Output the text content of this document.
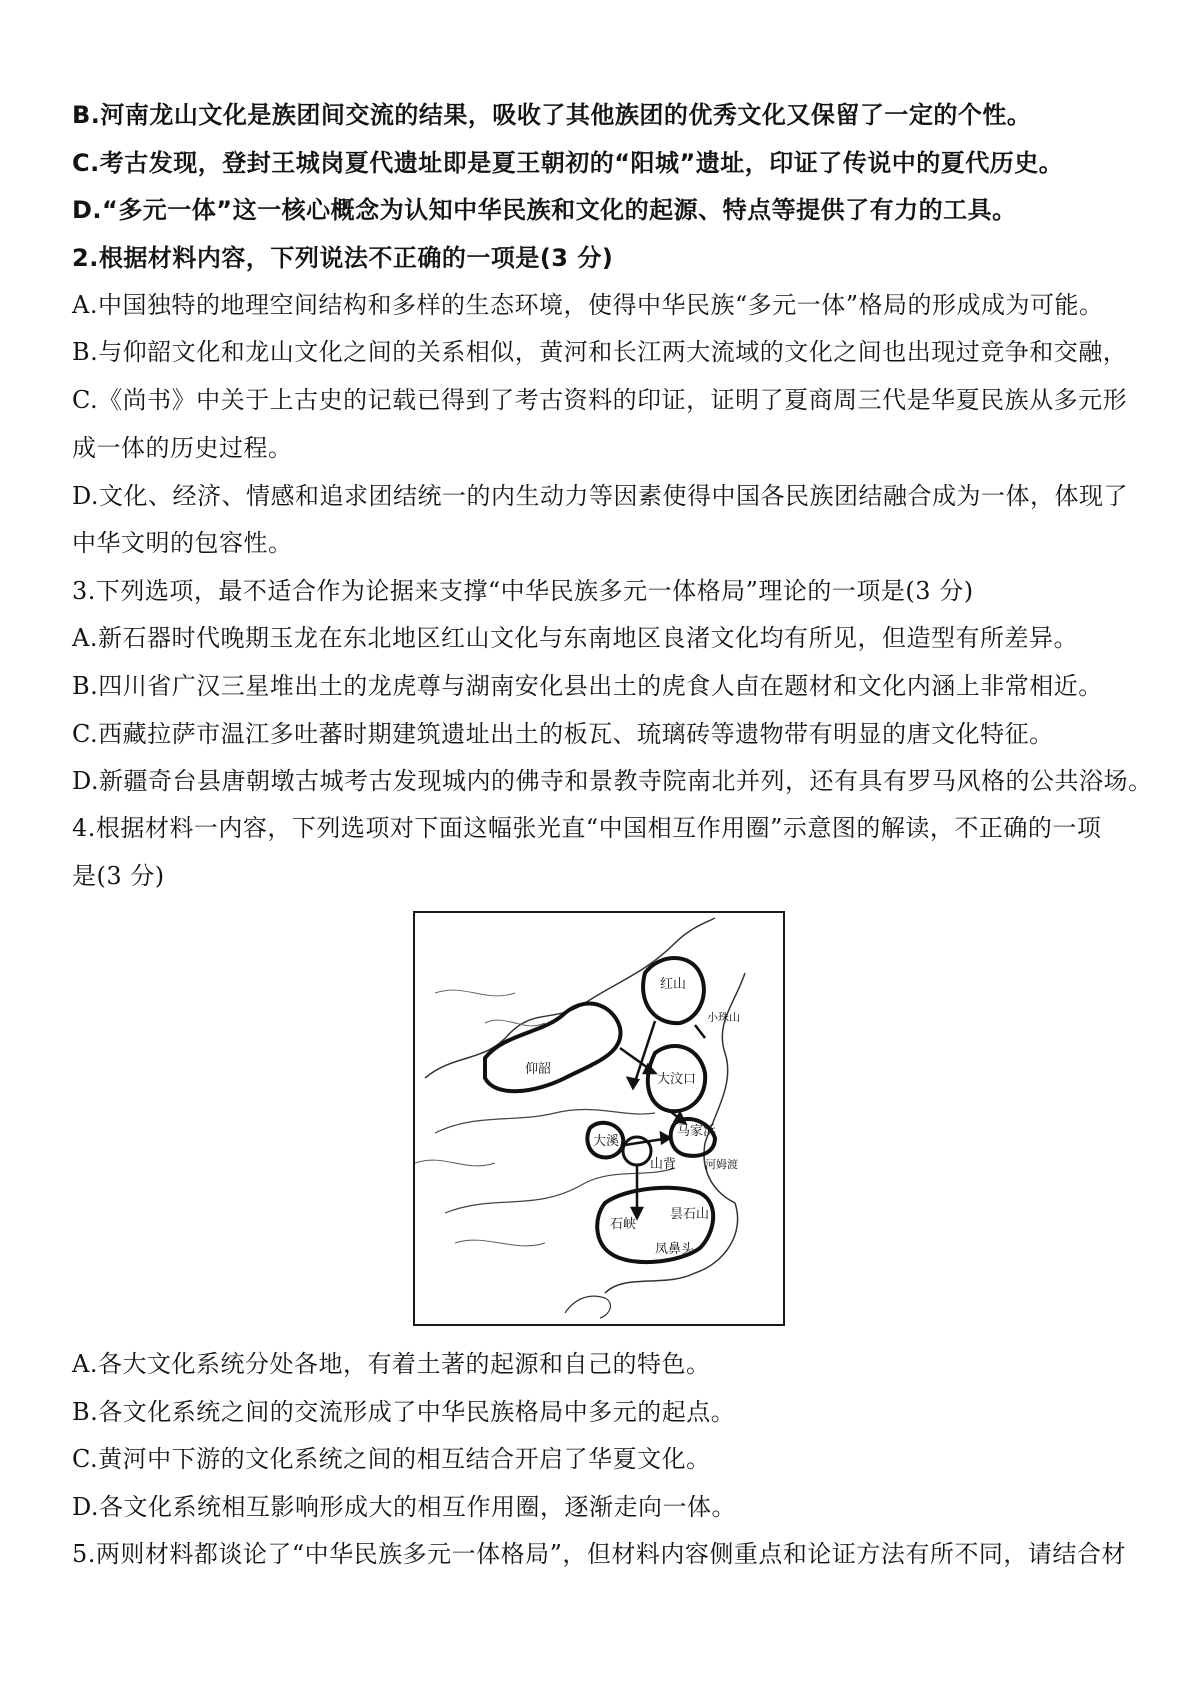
B.河南龙山文化是族团间交流的结果，吸收了其他族团的优秀文化又保留了一定的个性。

C.考古发现，登封王城岗夏代遗址即是夏王朝初的“阳城”遗址，印证了传说中的夏代历史。

D.“多元一体”这一核心概念为认知中华民族和文化的起源、特点等提供了有力的工具。

2.根据材料内容，下列说法不正确的一项是(3 分)

A.中国独特的地理空间结构和多样的生态环境，使得中华民族“多元一体”格局的形成成为可能。

B.与仰韶文化和龙山文化之间的关系相似，黄河和长江两大流域的文化之间也出现过竞争和交融，

C.《尚书》中关于上古史的记载已得到了考古资料的印证，证明了夏商周三代是华夏民族从多元形

成一体的历史过程。

D.文化、经济、情感和追求团结统一的内生动力等因素使得中国各民族团结融合成为一体，体现了

中华文明的包容性。

3.下列选项，最不适合作为论据来支撑“中华民族多元一体格局”理论的一项是(3 分)

A.新石器时代晚期玉龙在东北地区红山文化与东南地区良渚文化均有所见，但造型有所差异。

B.四川省广汉三星堆出土的龙虎尊与湖南安化县出土的虎食人卣在题材和文化内涵上非常相近。

C.西藏拉萨市温江多吐蕃时期建筑遗址出土的板瓦、琉璃砖等遗物带有明显的唐文化特征。

D.新疆奇台县唐朝墩古城考古发现城内的佛寺和景教寺院南北并列，还有具有罗马风格的公共浴场。

4.根据材料一内容，下列选项对下面这幅张光直“中国相互作用圈”示意图的解读，不正确的一项

是(3 分)

红山
小珠山
仰韶
大汶口
马家浜
大溪
河姆渡
山背
石峡
昙石山
凤鼻头

A.各大文化系统分处各地，有着土著的起源和自己的特色。

B.各文化系统之间的交流形成了中华民族格局中多元的起点。

C.黄河中下游的文化系统之间的相互结合开启了华夏文化。

D.各文化系统相互影响形成大的相互作用圈，逐渐走向一体。

5.两则材料都谈论了“中华民族多元一体格局”，但材料内容侧重点和论证方法有所不同，请结合材
